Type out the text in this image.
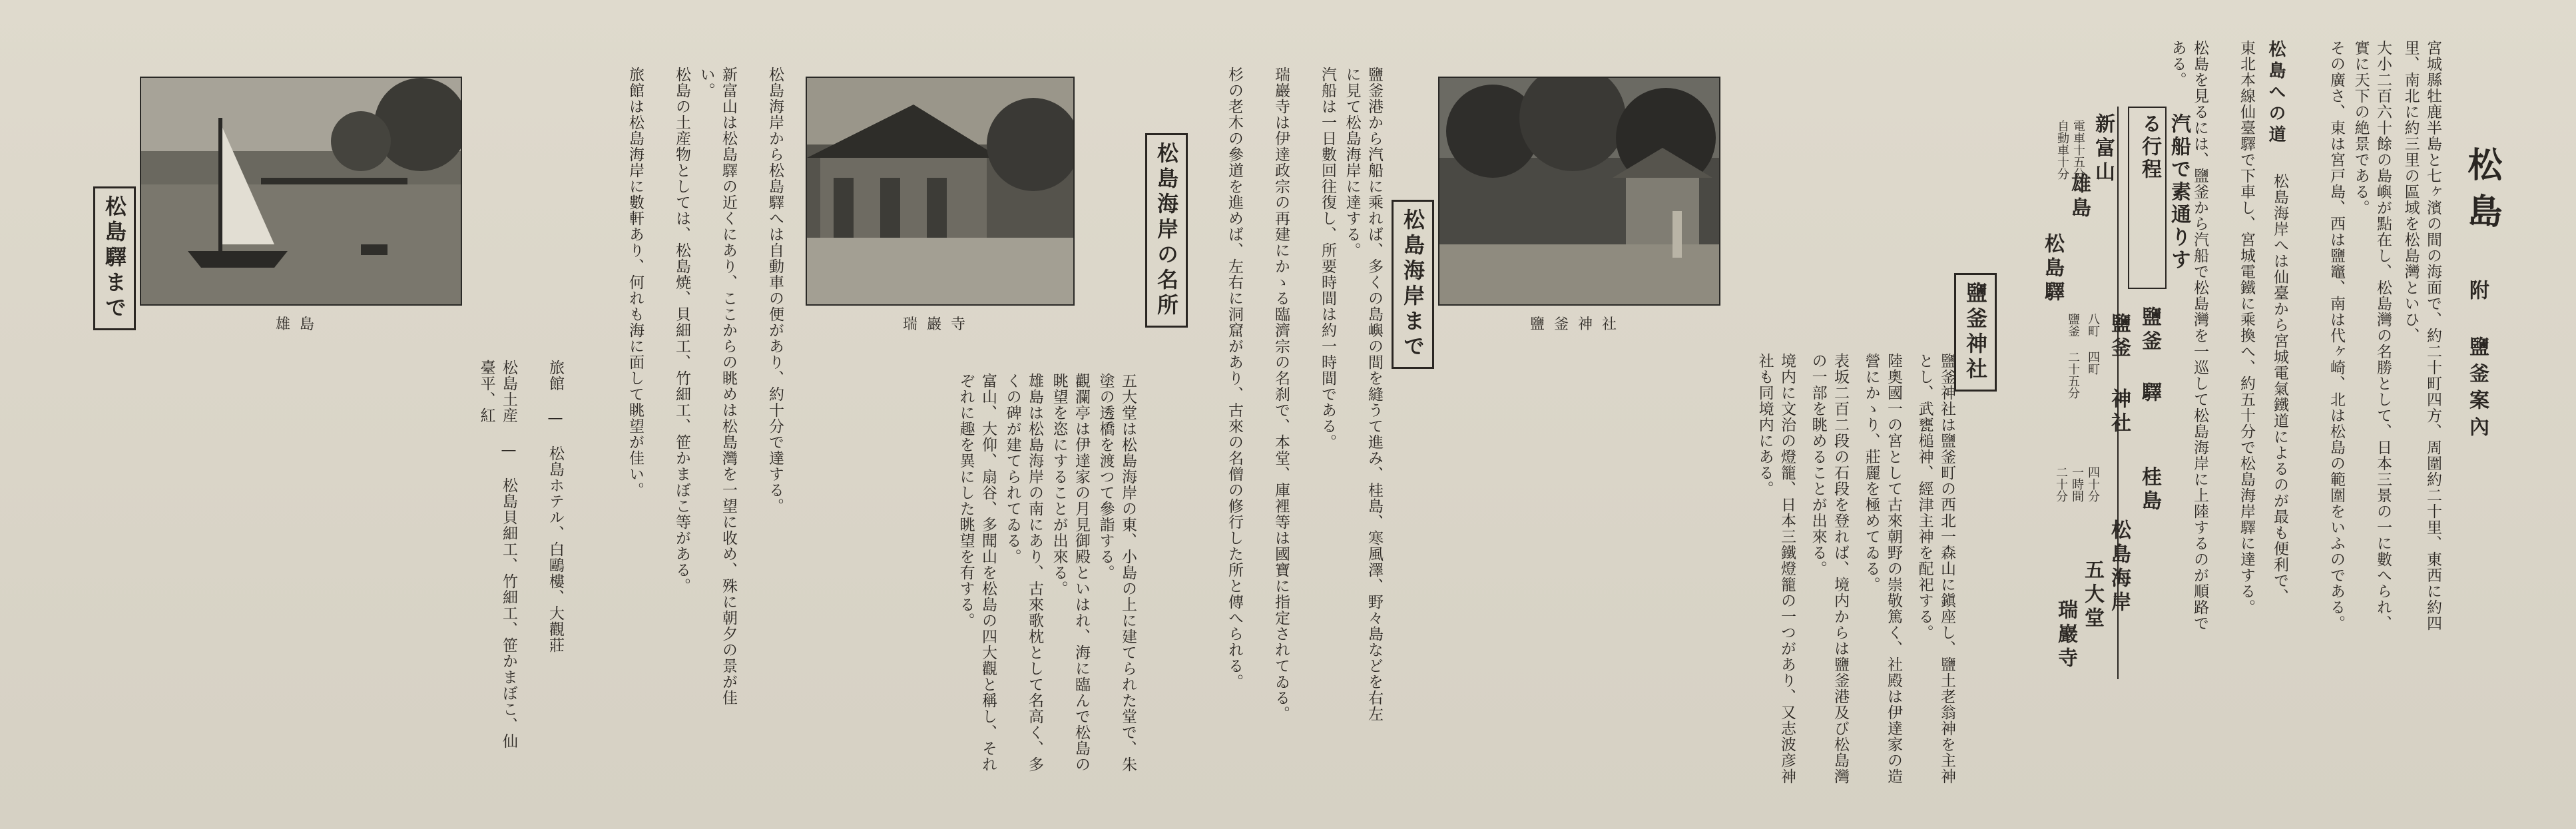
松島
附 鹽釜案內
宮城縣牡鹿半島と七ヶ濱の間の海面で、約二十町四方、周圍約二十里、東西に約四里、南北に約三里の區域を松島灣といひ、
大小二百六十餘の島嶼が點在し、松島灣の名勝として、日本三景の一に數へられ、實に天下の絶景である。
その廣さ、東は宮戸島、西は鹽竈、南は代ヶ崎、北は松島の範圍をいふのである。
松島への道
松島海岸へは仙臺から宮城電氣鐵道によるのが最も便利で、
東北本線仙臺驛で下車し、宮城電鐵に乘換へ、約五十分で松島海岸驛に達する。
松島を見るには、鹽釜から汽船で松島灣を一巡して松島海岸に上陸するのが順路である。
汽船で素通りする行程
新富山
雄島
松島驛
電車十五分
自動車十分
鹽釜 驛
鹽釜 神社
八町 四町
鹽釜 二十五分
桂島
松島海岸
五大堂
瑞巖寺
四十分
一時間
二十分
鹽釜神社	鹽釜神社
鹽釜神社は鹽釜町の西北一森山に鎭座し、鹽土老翁神を主神とし、武甕槌神、經津主神を配祀する。
陸奧國一の宮として古來朝野の崇敬篤く、社殿は伊達家の造營にかゝり、莊麗を極めてゐる。
表坂二百二段の石段を登れば、境内からは鹽釜港及び松島灣の一部を眺めることが出來る。
境内に文治の燈籠、日本三鐵燈籠の一つがあり、又志波彦神社も同境内にある。
松島海岸まで
鹽釜港から汽船に乘れば、多くの島嶼の間を縫うて進み、桂島、寒風澤、野々島などを右左に見て松島海岸に達する。
汽船は一日數回往復し、所要時間は約一時間である。
瑞巖寺は伊達政宗の再建にかゝる臨濟宗の名刹で、本堂、庫裡等は國寶に指定されてゐる。
杉の老木の參道を進めば、左右に洞窟があり、古來の名僧の修行した所と傳へられる。
瑞巖寺
松島海岸の名所
五大堂は松島海岸の東、小島の上に建てられた堂で、朱塗の透橋を渡つて參詣する。
觀瀾亭は伊達家の月見御殿といはれ、海に臨んで松島の眺望を恣にすることが出來る。
雄島は松島海岸の南にあり、古來歌枕として名高く、多くの碑が建てられてゐる。
富山、大仰、扇谷、多聞山を松島の四大觀と稱し、それぞれに趣を異にした眺望を有する。
松島海岸から松島驛へは自動車の便があり、約十分で達する。
新富山は松島驛の近くにあり、ここからの眺めは松島灣を一望に收め、殊に朝夕の景が佳い。
松島の土産物としては、松島焼、貝細工、竹細工、笹かまぼこ等がある。
旅館は松島海岸に數軒あり、何れも海に面して眺望が佳い。
旅館 — 松島ホテル、白鷗樓、大觀莊
松島土産 — 松島貝細工、竹細工、笹かまぼこ、仙臺平、紅
雄島
松島驛まで
